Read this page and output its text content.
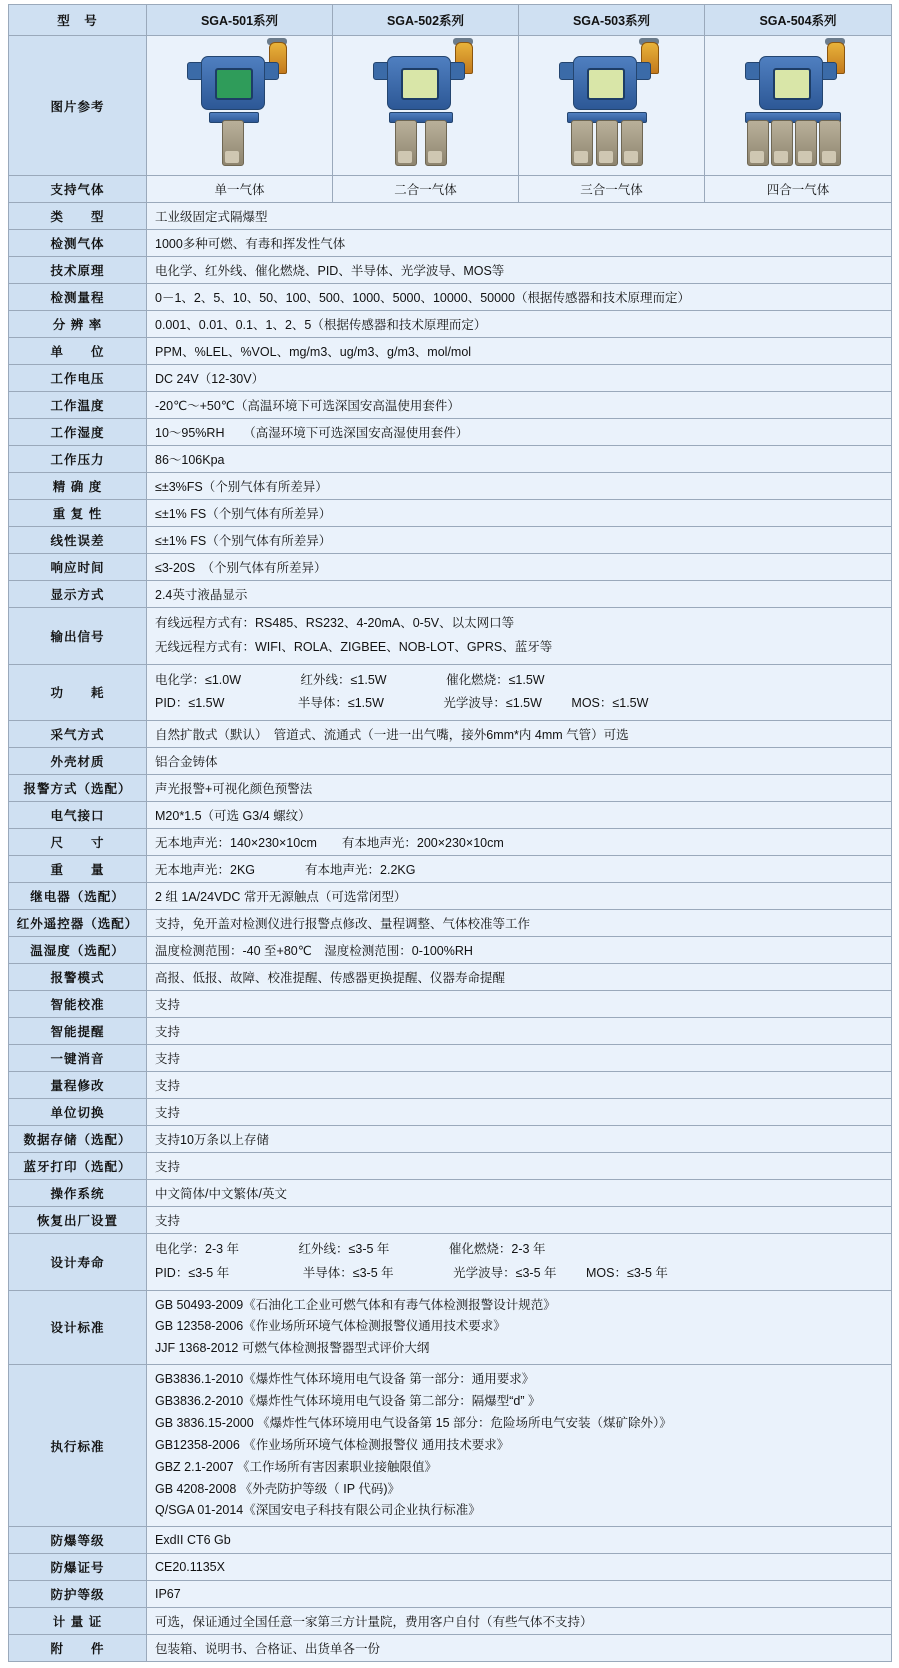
型　号	SGA-501系列	SGA-502系列	SGA-503系列	SGA-504系列
图片参考	

支持气体	单一气体	二合一气体	三合一气体	四合一气体
类　　型	工业级固定式隔爆型			
检测气体	1000多种可燃、有毒和挥发性气体			
技术原理	电化学、红外线、催化燃烧、PID、半导体、光学波导、MOS等			
检测量程	0－1、2、5、10、50、100、500、1000、5000、10000、50000（根据传感器和技术原理而定）			
分 辨 率	0.001、0.01、0.1、1、2、5（根据传感器和技术原理而定）			
单　　位	PPM、%LEL、%VOL、mg/m3、ug/m3、g/m3、mol/mol			
工作电压	DC 24V（12-30V）			
工作温度	-20℃～+50℃（高温环境下可选深国安高温使用套件）			
工作湿度	10～95%RH　　（高湿环境下可选深国安高湿使用套件）			
工作压力	86～106Kpa			
精 确 度	≤±3%FS（个别气体有所差异）			
重 复 性	≤±1% FS（个别气体有所差异）			
线性误差	≤±1% FS（个别气体有所差异）			
响应时间	≤3-20S　（个别气体有所差异）			
显示方式	2.4英寸液晶显示			
输出信号	有线远程方式有：RS485、RS232、4-20mA、0-5V、以太网口等
无线远程方式有：WIFI、ROLA、ZIGBEE、NOB-LOT、GPRS、蓝牙等			

功　　耗	电化学：≤1.0W 红外线：≤1.5W 催化燃烧：≤1.5W
PID：≤1.5W 半导体：≤1.5W 光学波导：≤1.5W MOS：≤1.5W			

采气方式	自然扩散式（默认）　管道式、流通式（一进一出气嘴，接外6mm*内 4mm 气管）可选			
外壳材质	铝合金铸体			
报警方式（选配）	声光报警+可视化颜色预警法			
电气接口	M20*1.5（可选 G3/4 螺纹）			
尺　　寸	无本地声光：140×230×10cm　　有本地声光：200×230×10cm			
重　　量	无本地声光：2KG　　　　有本地声光：2.2KG			
继电器（选配）	2 组 1A/24VDC 常开无源触点（可选常闭型）			
红外遥控器（选配）	支持，免开盖对检测仪进行报警点修改、量程调整、气体校准等工作			
温湿度（选配）	温度检测范围：-40 至+80℃　湿度检测范围：0-100%RH			
报警模式	高报、低报、故障、校准提醒、传感器更换提醒、仪器寿命提醒			
智能校准	支持			
智能提醒	支持			
一键消音	支持			
量程修改	支持			
单位切换	支持			
数据存储（选配）	支持10万条以上存储			
蓝牙打印（选配）	支持			
操作系统	中文简体/中文繁体/英文			
恢复出厂设置	支持			
设计寿命	电化学：2-3 年 红外线：≤3-5 年 催化燃烧：2-3 年
PID：≤3-5 年 半导体：≤3-5 年 光学波导：≤3-5 年 MOS：≤3-5 年			

设计标准	GB 50493-2009《石油化工企业可燃气体和有毒气体检测报警设计规范》
GB 12358-2006《作业场所环境气体检测报警仪通用技术要求》
JJF 1368-2012 可燃气体检测报警器型式评价大纲			

执行标准	
GB3836.1-2010《爆炸性气体环境用电气设备 第一部分：通用要求》
GB3836.2-2010《爆炸性气体环境用电气设备 第二部分：隔爆型“d” 》
GB 3836.15-2000 《爆炸性气体环境用电气设备第 15 部分：危险场所电气安装（煤矿除外）》
GB12358-2006 《作业场所环境气体检测报警仪 通用技术要求》
GBZ 2.1-2007 《工作场所有害因素职业接触限值》
GB 4208-2008 《外壳防护等级（ IP 代码)》
Q/SGA 01-2014《深国安电子科技有限公司企业执行标准》

防爆等级	ExdII CT6 Gb			
防爆证号	CE20.1135X			
防护等级	IP67			
计 量 证	可选，保证通过全国任意一家第三方计量院，费用客户自付（有些气体不支持）			
附　　件	包装箱、说明书、合格证、出货单各一份			
